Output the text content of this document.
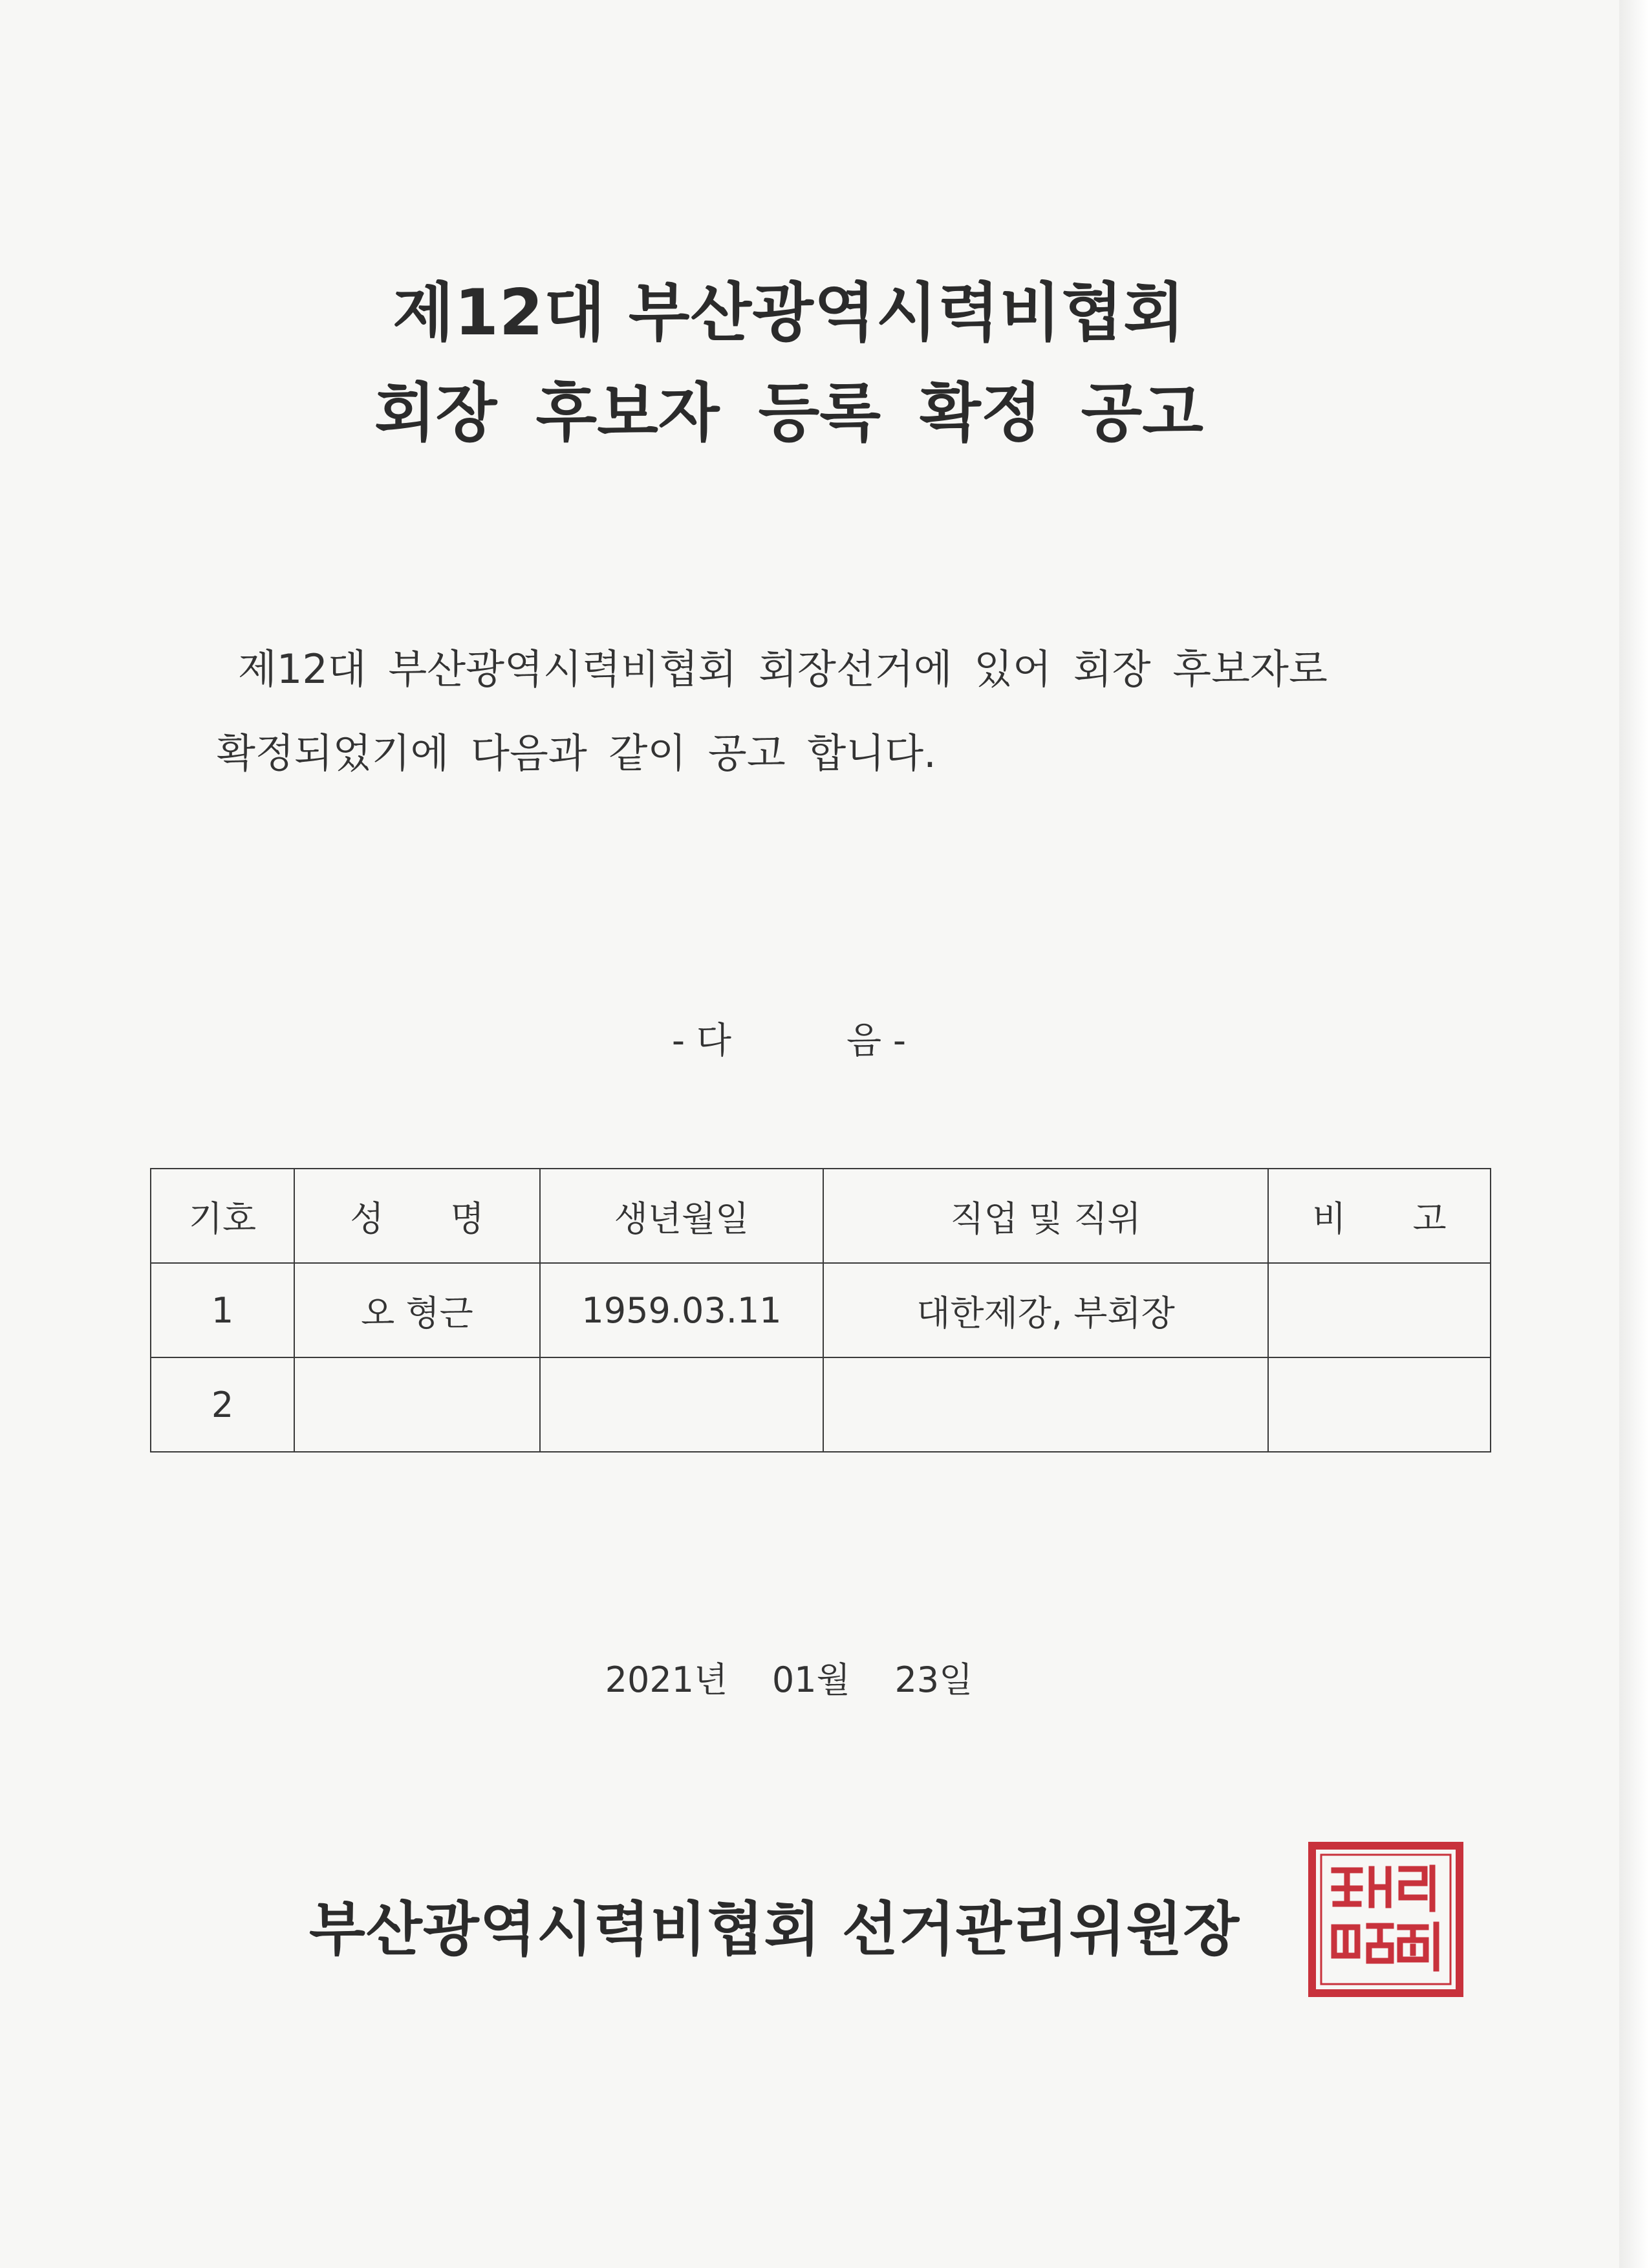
제12대 부산광역시력비협회
회장 후보자 등록 확정 공고
제12대 부산광역시력비협회 회장선거에 있어 회장 후보자로
확정되었기에 다음과 같이 공고 합니다.
- 다          음 -
기호	성      명	생년월일	직업 및 직위	비      고
1	오 형근	1959.03.11	대한제강, 부회장	
2				
2021년    01월    23일
부산광역시력비협회 선거관리위원장
